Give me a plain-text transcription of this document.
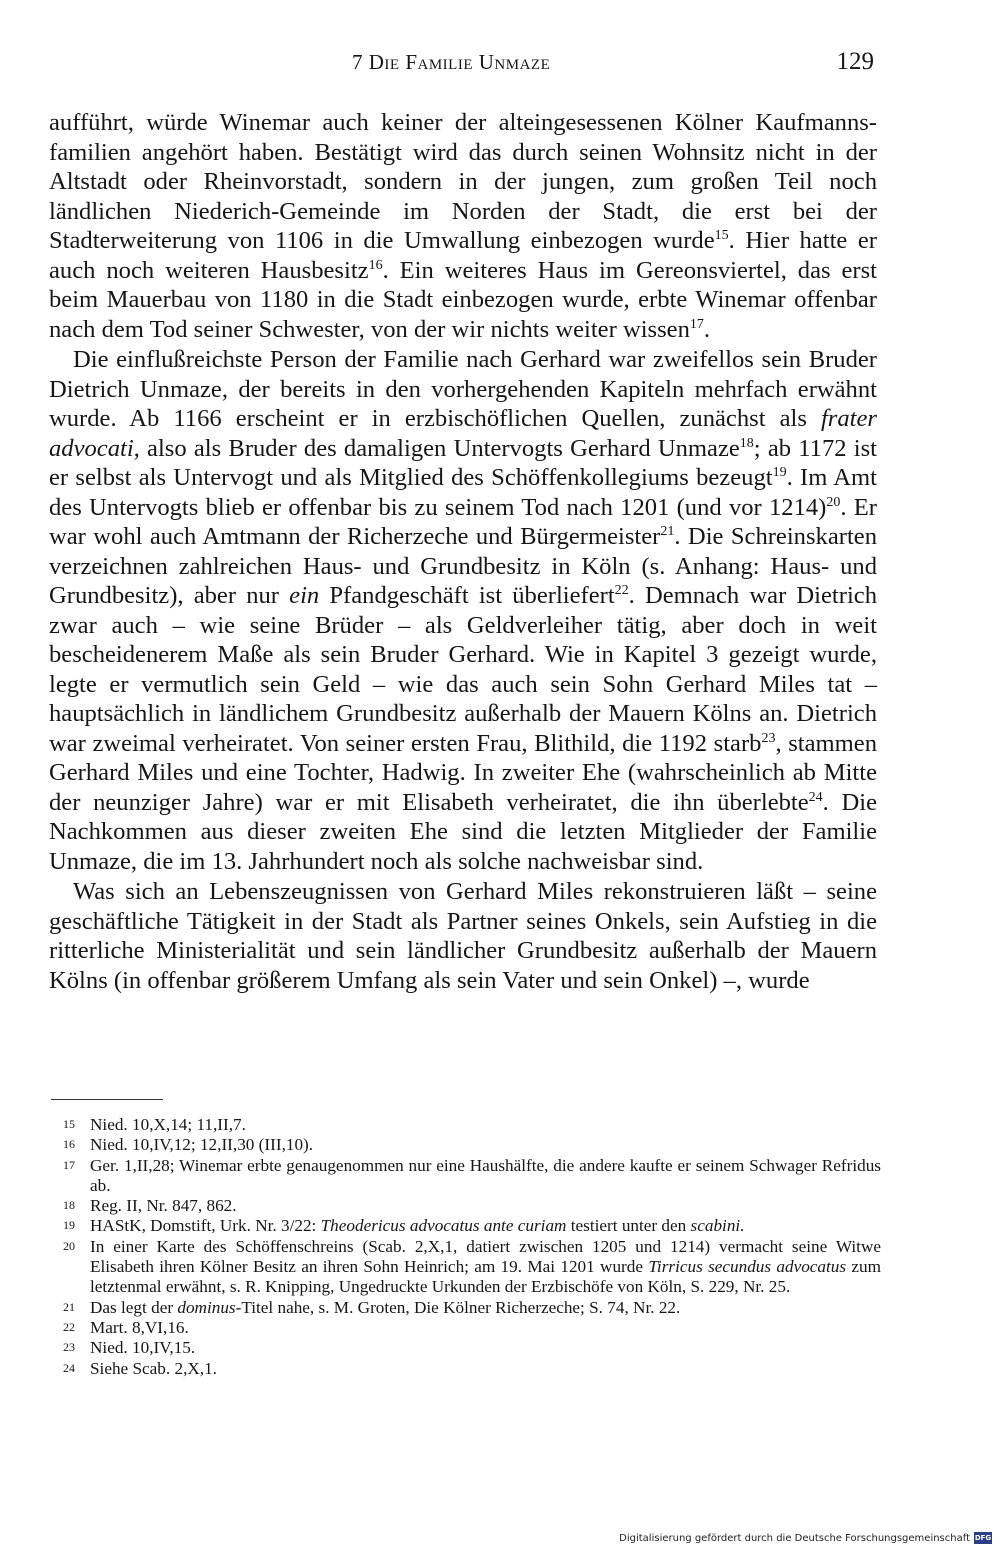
7 Die Familie Unmaze	129

aufführt, würde Winemar auch keiner der alteingesessenen Kölner Kaufmanns-familien angehört haben. Bestätigt wird das durch seinen Wohnsitz nicht in der Altstadt oder Rheinvorstadt, sondern in der jungen, zum großen Teil noch ländlichen Niederich-Gemeinde im Norden der Stadt, die erst bei der Stadterweiterung von 1106 in die Umwallung einbezogen wurde$^{15}$. Hier hatte er auch noch weiteren Hausbesitz$^{16}$. Ein weiteres Haus im Gereonsviertel, das erst beim Mauerbau von 1180 in die Stadt einbezogen wurde, erbte Winemar offenbar nach dem Tod seiner Schwester, von der wir nichts weiter wissen$^{17}$.

Die einflußreichste Person der Familie nach Gerhard war zweifellos sein Bruder Dietrich Unmaze, der bereits in den vorhergehenden Kapiteln mehrfach erwähnt wurde. Ab 1166 erscheint er in erzbischöflichen Quellen, zunächst als frater advocati, also als Bruder des damaligen Untervogts Gerhard Unmaze$^{18}$; ab 1172 ist er selbst als Untervogt und als Mitglied des Schöffenkollegiums bezeugt$^{19}$. Im Amt des Untervogts blieb er offenbar bis zu seinem Tod nach 1201 (und vor 1214)$^{20}$. Er war wohl auch Amtmann der Richerzeche und Bürgermeister$^{21}$. Die Schreinskarten verzeichnen zahlreichen Haus- und Grundbesitz in Köln (s. Anhang: Haus- und Grundbesitz), aber nur ein Pfandgeschäft ist überliefert$^{22}$. Demnach war Dietrich zwar auch – wie seine Brüder – als Geldverleiher tätig, aber doch in weit bescheidenerem Maße als sein Bruder Gerhard. Wie in Kapitel 3 gezeigt wurde, legte er vermutlich sein Geld – wie das auch sein Sohn Gerhard Miles tat – hauptsächlich in ländlichem Grundbesitz außerhalb der Mauern Kölns an. Dietrich war zweimal verheiratet. Von seiner ersten Frau, Blithild, die 1192 starb$^{23}$, stammen Gerhard Miles und eine Tochter, Hadwig. In zweiter Ehe (wahrscheinlich ab Mitte der neunziger Jahre) war er mit Elisabeth verheiratet, die ihn überlebte$^{24}$. Die Nachkommen aus dieser zweiten Ehe sind die letzten Mitglieder der Familie Unmaze, die im 13. Jahrhundert noch als solche nachweisbar sind.

Was sich an Lebenszeugnissen von Gerhard Miles rekonstruieren läßt – seine geschäftliche Tätigkeit in der Stadt als Partner seines Onkels, sein Aufstieg in die ritterliche Ministerialität und sein ländlicher Grundbesitz außerhalb der Mauern Kölns (in offenbar größerem Umfang als sein Vater und sein Onkel) –, wurde

15 Nied. 10,X,14; 11,II,7.
16 Nied. 10,IV,12; 12,II,30 (III,10).
17 Ger. 1,II,28; Winemar erbte genaugenommen nur eine Haushälfte, die andere kaufte er seinem Schwager Refridus ab.
18 Reg. II, Nr. 847, 862.
19 HAStK, Domstift, Urk. Nr. 3/22: Theodericus advocatus ante curiam testiert unter den scabini.
20 In einer Karte des Schöffenschreins (Scab. 2,X,1, datiert zwischen 1205 und 1214) vermacht seine Witwe Elisabeth ihren Kölner Besitz an ihren Sohn Heinrich; am 19. Mai 1201 wurde Tirricus secundus advocatus zum letztenmal erwähnt, s. R. Knipping, Ungedruckte Urkunden der Erzbischöfe von Köln, S. 229, Nr. 25.
21 Das legt der dominus-Titel nahe, s. M. Groten, Die Kölner Richerzeche; S. 74, Nr. 22.
22 Mart. 8,VI,16.
23 Nied. 10,IV,15.
24 Siehe Scab. 2,X,1.
Digitalisierung gefördert durch die Deutsche Forschungsgemeinschaft DFG
